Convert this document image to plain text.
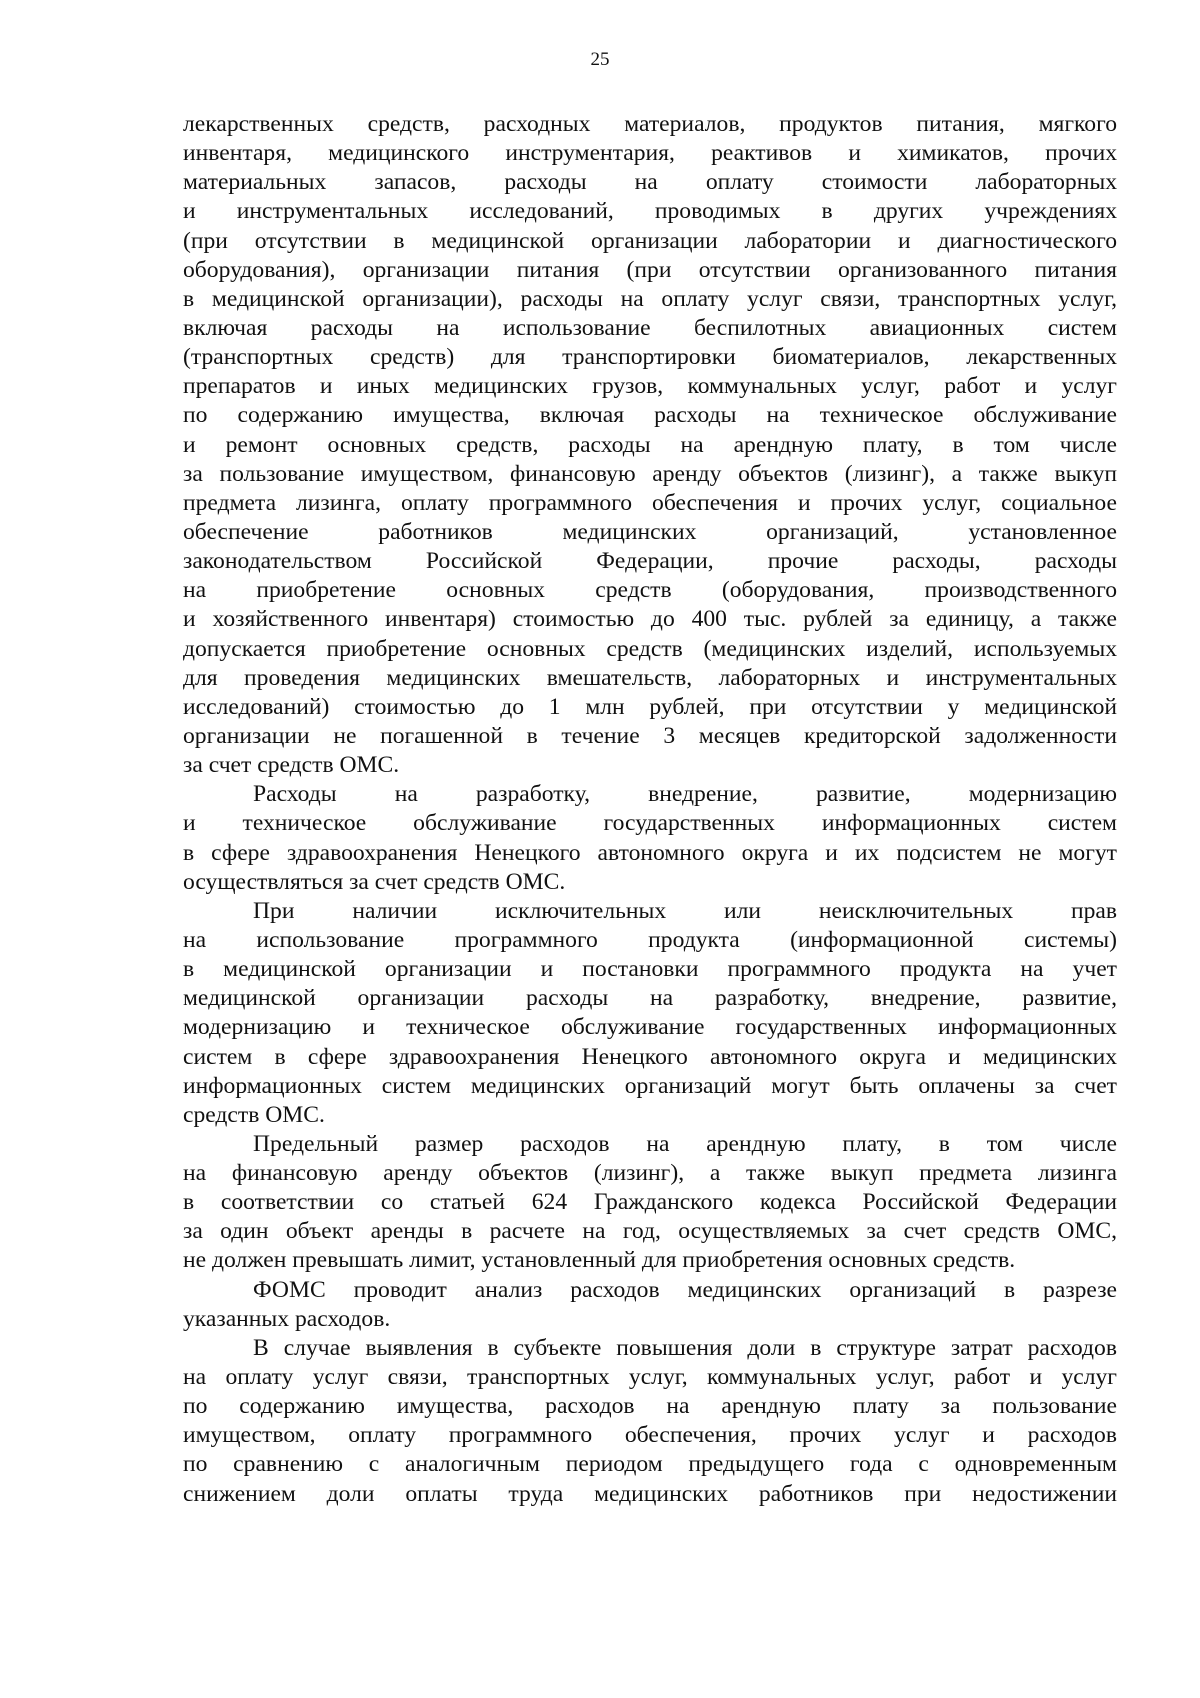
25
лекарственных средств, расходных материалов, продуктов питания, мягкого
инвентаря, медицинского инструментария, реактивов и химикатов, прочих
материальных запасов, расходы на оплату стоимости лабораторных
и инструментальных исследований, проводимых в других учреждениях
(при отсутствии в медицинской организации лаборатории и диагностического
оборудования), организации питания (при отсутствии организованного питания
в медицинской организации), расходы на оплату услуг связи, транспортных услуг,
включая расходы на использование беспилотных авиационных систем
(транспортных средств) для транспортировки биоматериалов, лекарственных
препаратов и иных медицинских грузов, коммунальных услуг, работ и услуг
по содержанию имущества, включая расходы на техническое обслуживание
и ремонт основных средств, расходы на арендную плату, в том числе
за пользование имуществом, финансовую аренду объектов (лизинг), а также выкуп
предмета лизинга, оплату программного обеспечения и прочих услуг, социальное
обеспечение работников медицинских организаций, установленное
законодательством Российской Федерации, прочие расходы, расходы
на приобретение основных средств (оборудования, производственного
и хозяйственного инвентаря) стоимостью до 400 тыс. рублей за единицу, а также
допускается приобретение основных средств (медицинских изделий, используемых
для проведения медицинских вмешательств, лабораторных и инструментальных
исследований) стоимостью до 1 млн рублей, при отсутствии у медицинской
организации не погашенной в течение 3 месяцев кредиторской задолженности
за счет средств ОМС.
Расходы на разработку, внедрение, развитие, модернизацию
и техническое обслуживание государственных информационных систем
в сфере здравоохранения Ненецкого автономного округа и их подсистем не могут
осуществляться за счет средств ОМС.
При наличии исключительных или неисключительных прав
на использование программного продукта (информационной системы)
в медицинской организации и постановки программного продукта на учет
медицинской организации расходы на разработку, внедрение, развитие,
модернизацию и техническое обслуживание государственных информационных
систем в сфере здравоохранения Ненецкого автономного округа и медицинских
информационных систем медицинских организаций могут быть оплачены за счет
средств ОМС.
Предельный размер расходов на арендную плату, в том числе
на финансовую аренду объектов (лизинг), а также выкуп предмета лизинга
в соответствии со статьей 624 Гражданского кодекса Российской Федерации
за один объект аренды в расчете на год, осуществляемых за счет средств ОМС,
не должен превышать лимит, установленный для приобретения основных средств.
ФОМС проводит анализ расходов медицинских организаций в разрезе
указанных расходов.
В случае выявления в субъекте повышения доли в структуре затрат расходов
на оплату услуг связи, транспортных услуг, коммунальных услуг, работ и услуг
по содержанию имущества, расходов на арендную плату за пользование
имуществом, оплату программного обеспечения, прочих услуг и расходов
по сравнению с аналогичным периодом предыдущего года с одновременным
снижением доли оплаты труда медицинских работников при недостижении
